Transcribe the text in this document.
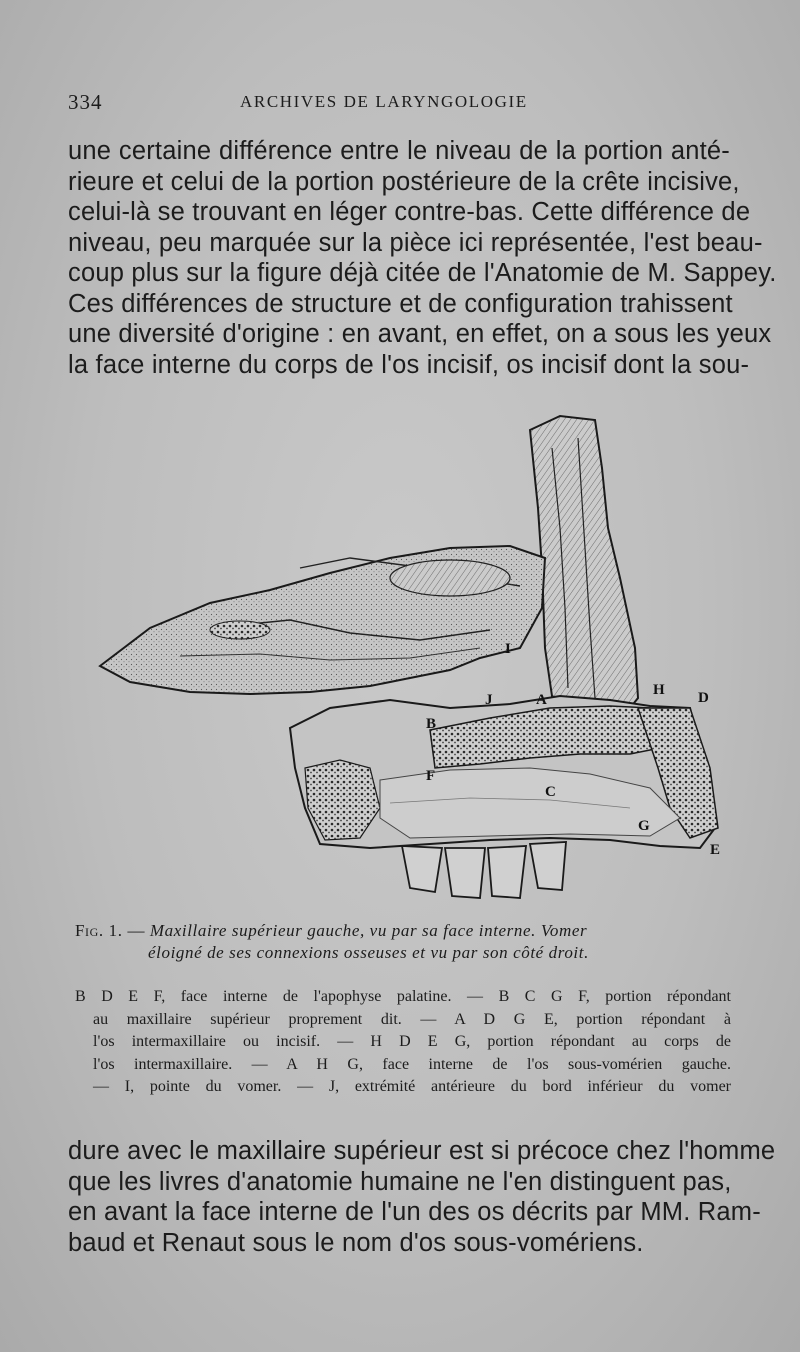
334	ARCHIVES DE LARYNGOLOGIE
une certaine différence entre le niveau de la portion anté-
rieure et celui de la portion postérieure de la crête incisive,
celui-là se trouvant en léger contre-bas. Cette différence de
niveau, peu marquée sur la pièce ici représentée, l'est beau-
coup plus sur la figure déjà citée de l'Anatomie de M. Sappey.
Ces différences de structure et de configuration trahissent
une diversité d'origine : en avant, en effet, on a sous les yeux
la face interne du corps de l'os incisif, os incisif dont la sou-
J	A
H D
B
I
F
C
G
E
Fig. 1. — Maxillaire supérieur gauche, vu par sa face interne. Vomer
éloigné de ses connexions osseuses et vu par son côté droit.
B D E F, face interne de l'apophyse palatine. — B C G F, portion répondant
au maxillaire supérieur proprement dit. — A D G E, portion répondant à
l'os intermaxillaire ou incisif. — H D E G, portion répondant au corps de
l'os intermaxillaire. — A H G, face interne de l'os sous-vomérien gauche.
— I, pointe du vomer. — J, extrémité antérieure du bord inférieur du vomer
dure avec le maxillaire supérieur est si précoce chez l'homme
que les livres d'anatomie humaine ne l'en distinguent pas,
en avant la face interne de l'un des os décrits par MM. Ram-
baud et Renaut sous le nom d'os sous-vomériens.
